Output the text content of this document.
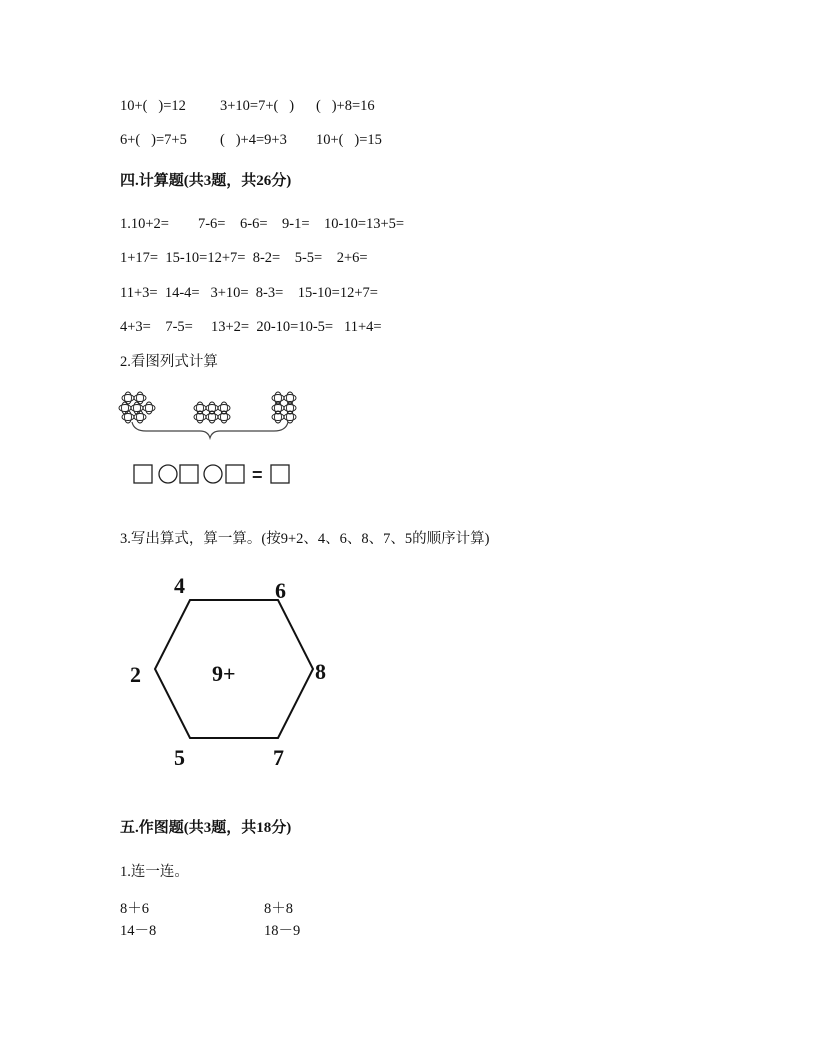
10+(   )=12 3+10=7+(   ) (   )+8=16
6+(   )=7+5 (   )+4=9+3 10+(   )=15
四.计算题(共3题，共26分)
1.10+2=        7-6=    6-6=    9-1=    10-10=13+5=
1+17=  15-10=12+7=  8-2=    5-5=    2+6=
11+3=  14-4=   3+10=  8-3=    15-10=12+7=
4+3=    7-5=     13+2=  20-10=10-5=   11+4=
2.看图列式计算
=
3.写出算式，算一算。(按9+2、4、6、8、7、5的顺序计算)
9+
4	6
2	8
5	7
五.作图题(共3题，共18分)
1.连一连。
8＋6	8＋8
14－8	18－9
